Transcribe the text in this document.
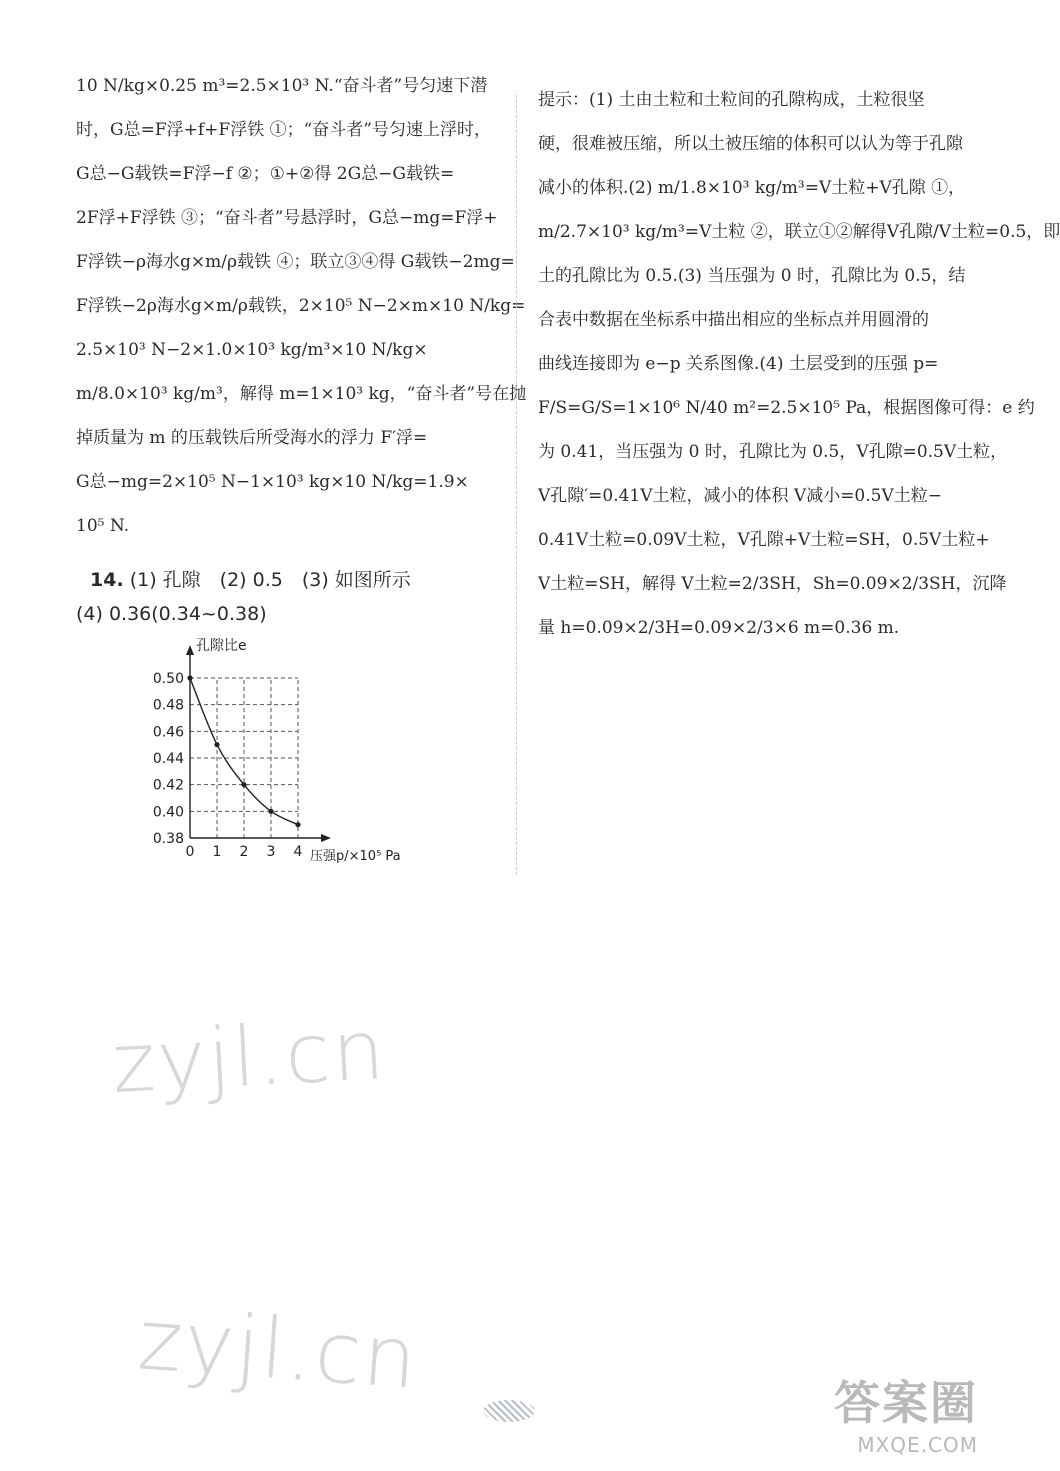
10 N/kg×0.25 m³=2.5×10³ N.“奋斗者”号匀速下潜
时，G总=F浮+f+F浮铁 ①；“奋斗者”号匀速上浮时，
G总−G载铁=F浮−f ②；①+②得 2G总−G载铁=
2F浮+F浮铁 ③；“奋斗者”号悬浮时，G总−mg=F浮+
F浮铁−ρ海水g×m/ρ载铁 ④；联立③④得 G载铁−2mg=
F浮铁−2ρ海水g×m/ρ载铁，2×10⁵ N−2×m×10 N/kg=
2.5×10³ N−2×1.0×10³ kg/m³×10 N/kg×
m/8.0×10³ kg/m³，解得 m=1×10³ kg，“奋斗者”号在抛
掉质量为 m 的压载铁后所受海水的浮力 F′浮=
G总−mg=2×10⁵ N−1×10³ kg×10 N/kg=1.9×
10⁵ N.
提示：(1) 土由土粒和土粒间的孔隙构成，土粒很坚
硬，很难被压缩，所以土被压缩的体积可以认为等于孔隙
减小的体积.(2) m/1.8×10³ kg/m³=V土粒+V孔隙 ①，
m/2.7×10³ kg/m³=V土粒 ②，联立①②解得V孔隙/V土粒=0.5，即
土的孔隙比为 0.5.(3) 当压强为 0 时，孔隙比为 0.5，结
合表中数据在坐标系中描出相应的坐标点并用圆滑的
曲线连接即为 e−p 关系图像.(4) 土层受到的压强 p=
F/S=G/S=1×10⁶ N/40 m²=2.5×10⁵ Pa，根据图像可得：e 约
为 0.41，当压强为 0 时，孔隙比为 0.5，V孔隙=0.5V土粒，
V孔隙′=0.41V土粒，减小的体积 V减小=0.5V土粒−
0.41V土粒=0.09V土粒，V孔隙+V土粒=SH，0.5V土粒+
V土粒=SH，解得 V土粒=2/3SH，Sh=0.09×2/3SH，沉降
量 h=0.09×2/3H=0.09×2/3×6 m=0.36 m.
14. (1) 孔隙　(2) 0.5　(3) 如图所示
(4) 0.36(0.34~0.38)
0.50
0.48
0.46
0.44
0.42
0.40
0.38
0 1 2 3 4
孔隙比e
压强p/×10⁵ Pa
zyjl.cn
zyjl.cn	答案圈
MXQE.COM
